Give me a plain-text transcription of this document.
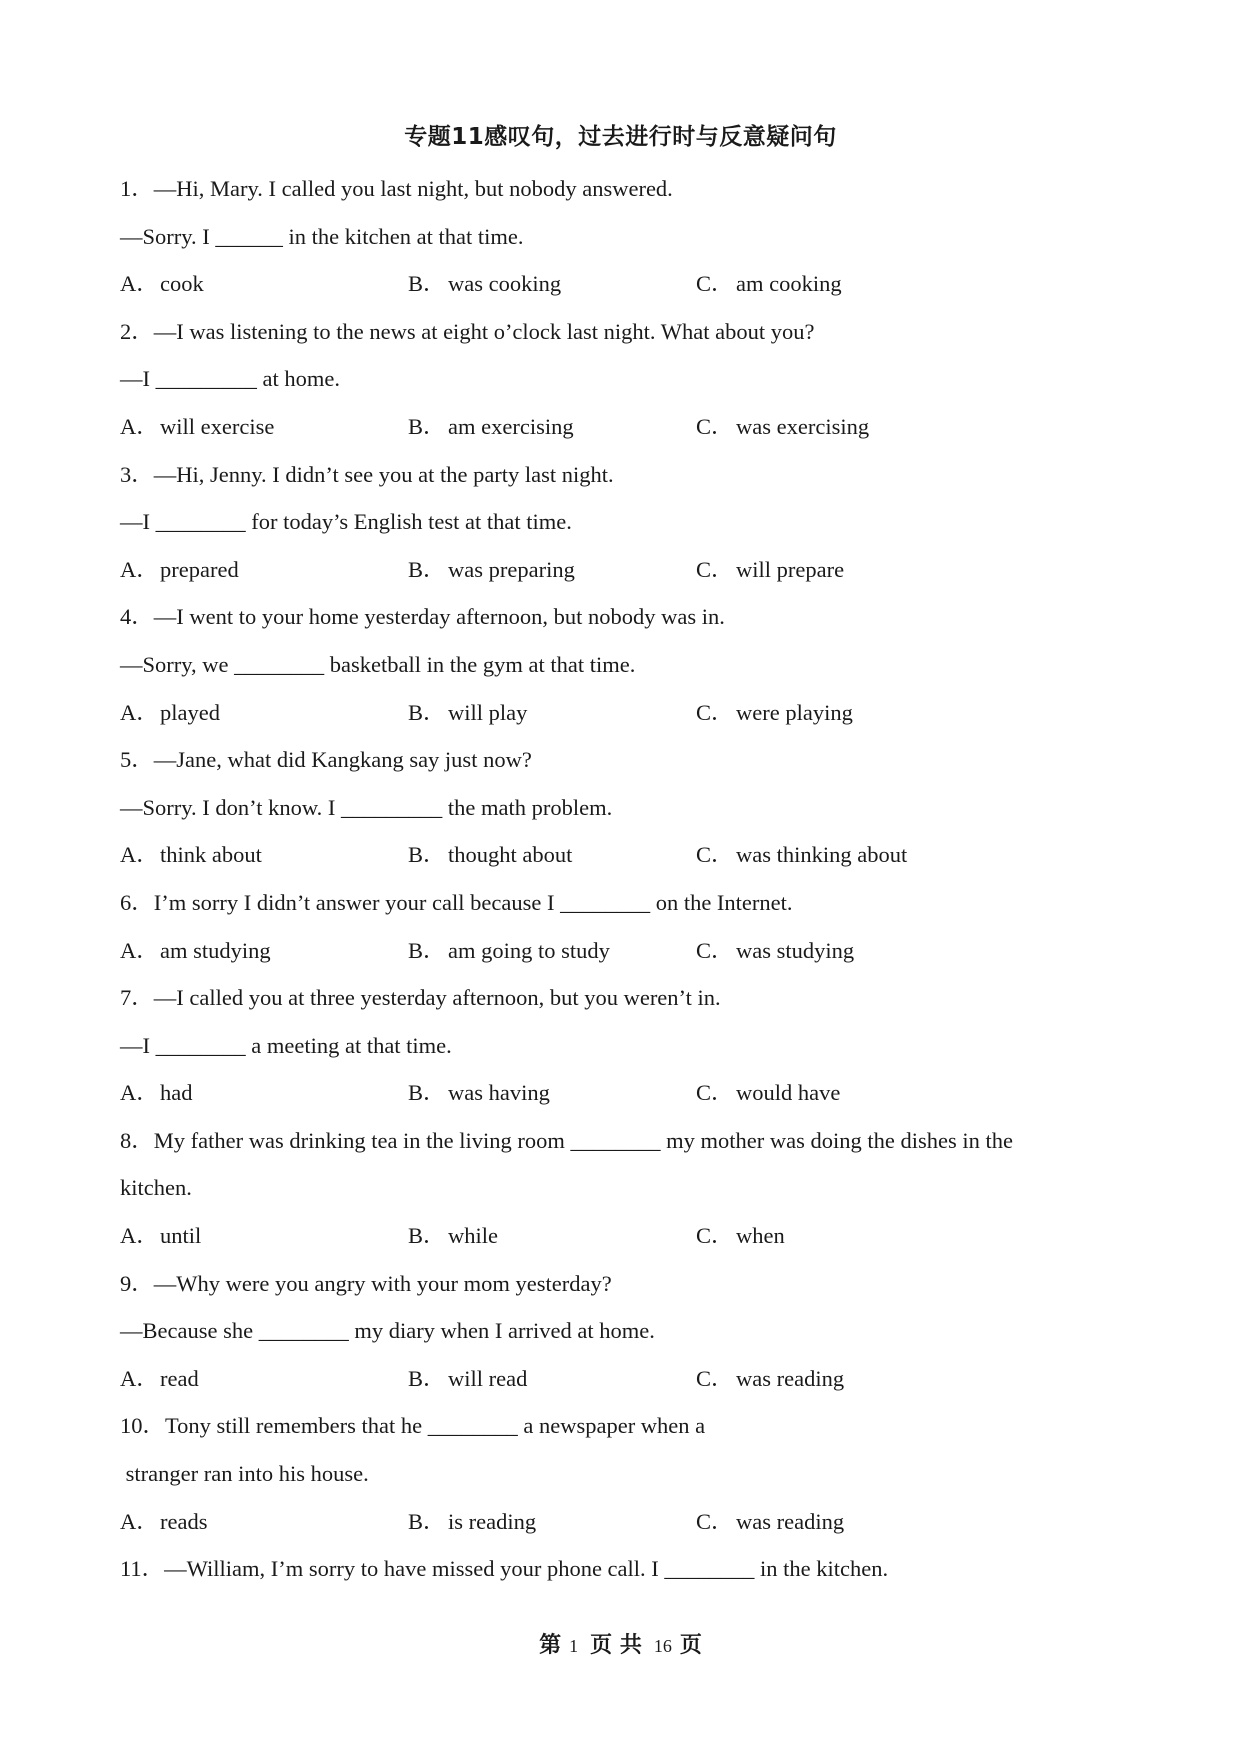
专题11感叹句，过去进行时与反意疑问句
1．—Hi, Mary. I called you last night, but nobody answered.
—Sorry. I ______ in the kitchen at that time.
A．cook	B． was cooking	C． am cooking
2．—I was listening to the news at eight o’clock last night. What about you?
—I _________ at home.
A．will exercise	B． am exercising	C． was exercising
3．—Hi, Jenny. I didn’t see you at the party last night.
—I ________ for today’s English test at that time.
A．prepared	B． was preparing	C． will prepare
4．—I went to your home yesterday afternoon, but nobody was in.
—Sorry, we ________ basketball in the gym at that time.
A．played	B． will play	C． were playing
5．—Jane, what did Kangkang say just now?
—Sorry. I don’t know. I _________ the math problem.
A．think about	B． thought about	C． was thinking about
6．I’m sorry I didn’t answer your call because I ________ on the Internet.
A．am studying	B． am going to study	C． was studying
7．—I called you at three yesterday afternoon, but you weren’t in.
—I ________ a meeting at that time.
A．had	B． was having	C． would have
8．My father was drinking tea in the living room ________ my mother was doing the dishes in the
kitchen.
A．until	B． while	C． when
9．—Why were you angry with your mom yesterday?
—Because she ________ my diary when I arrived at home.
A．read	B． will read	C． was reading
10．Tony still remembers that he ________ a newspaper when a
stranger ran into his house.
A．reads	B． is reading	C． was reading
11．—William, I’m sorry to have missed your phone call. I ________ in the kitchen.
第 1 页 共 16 页
